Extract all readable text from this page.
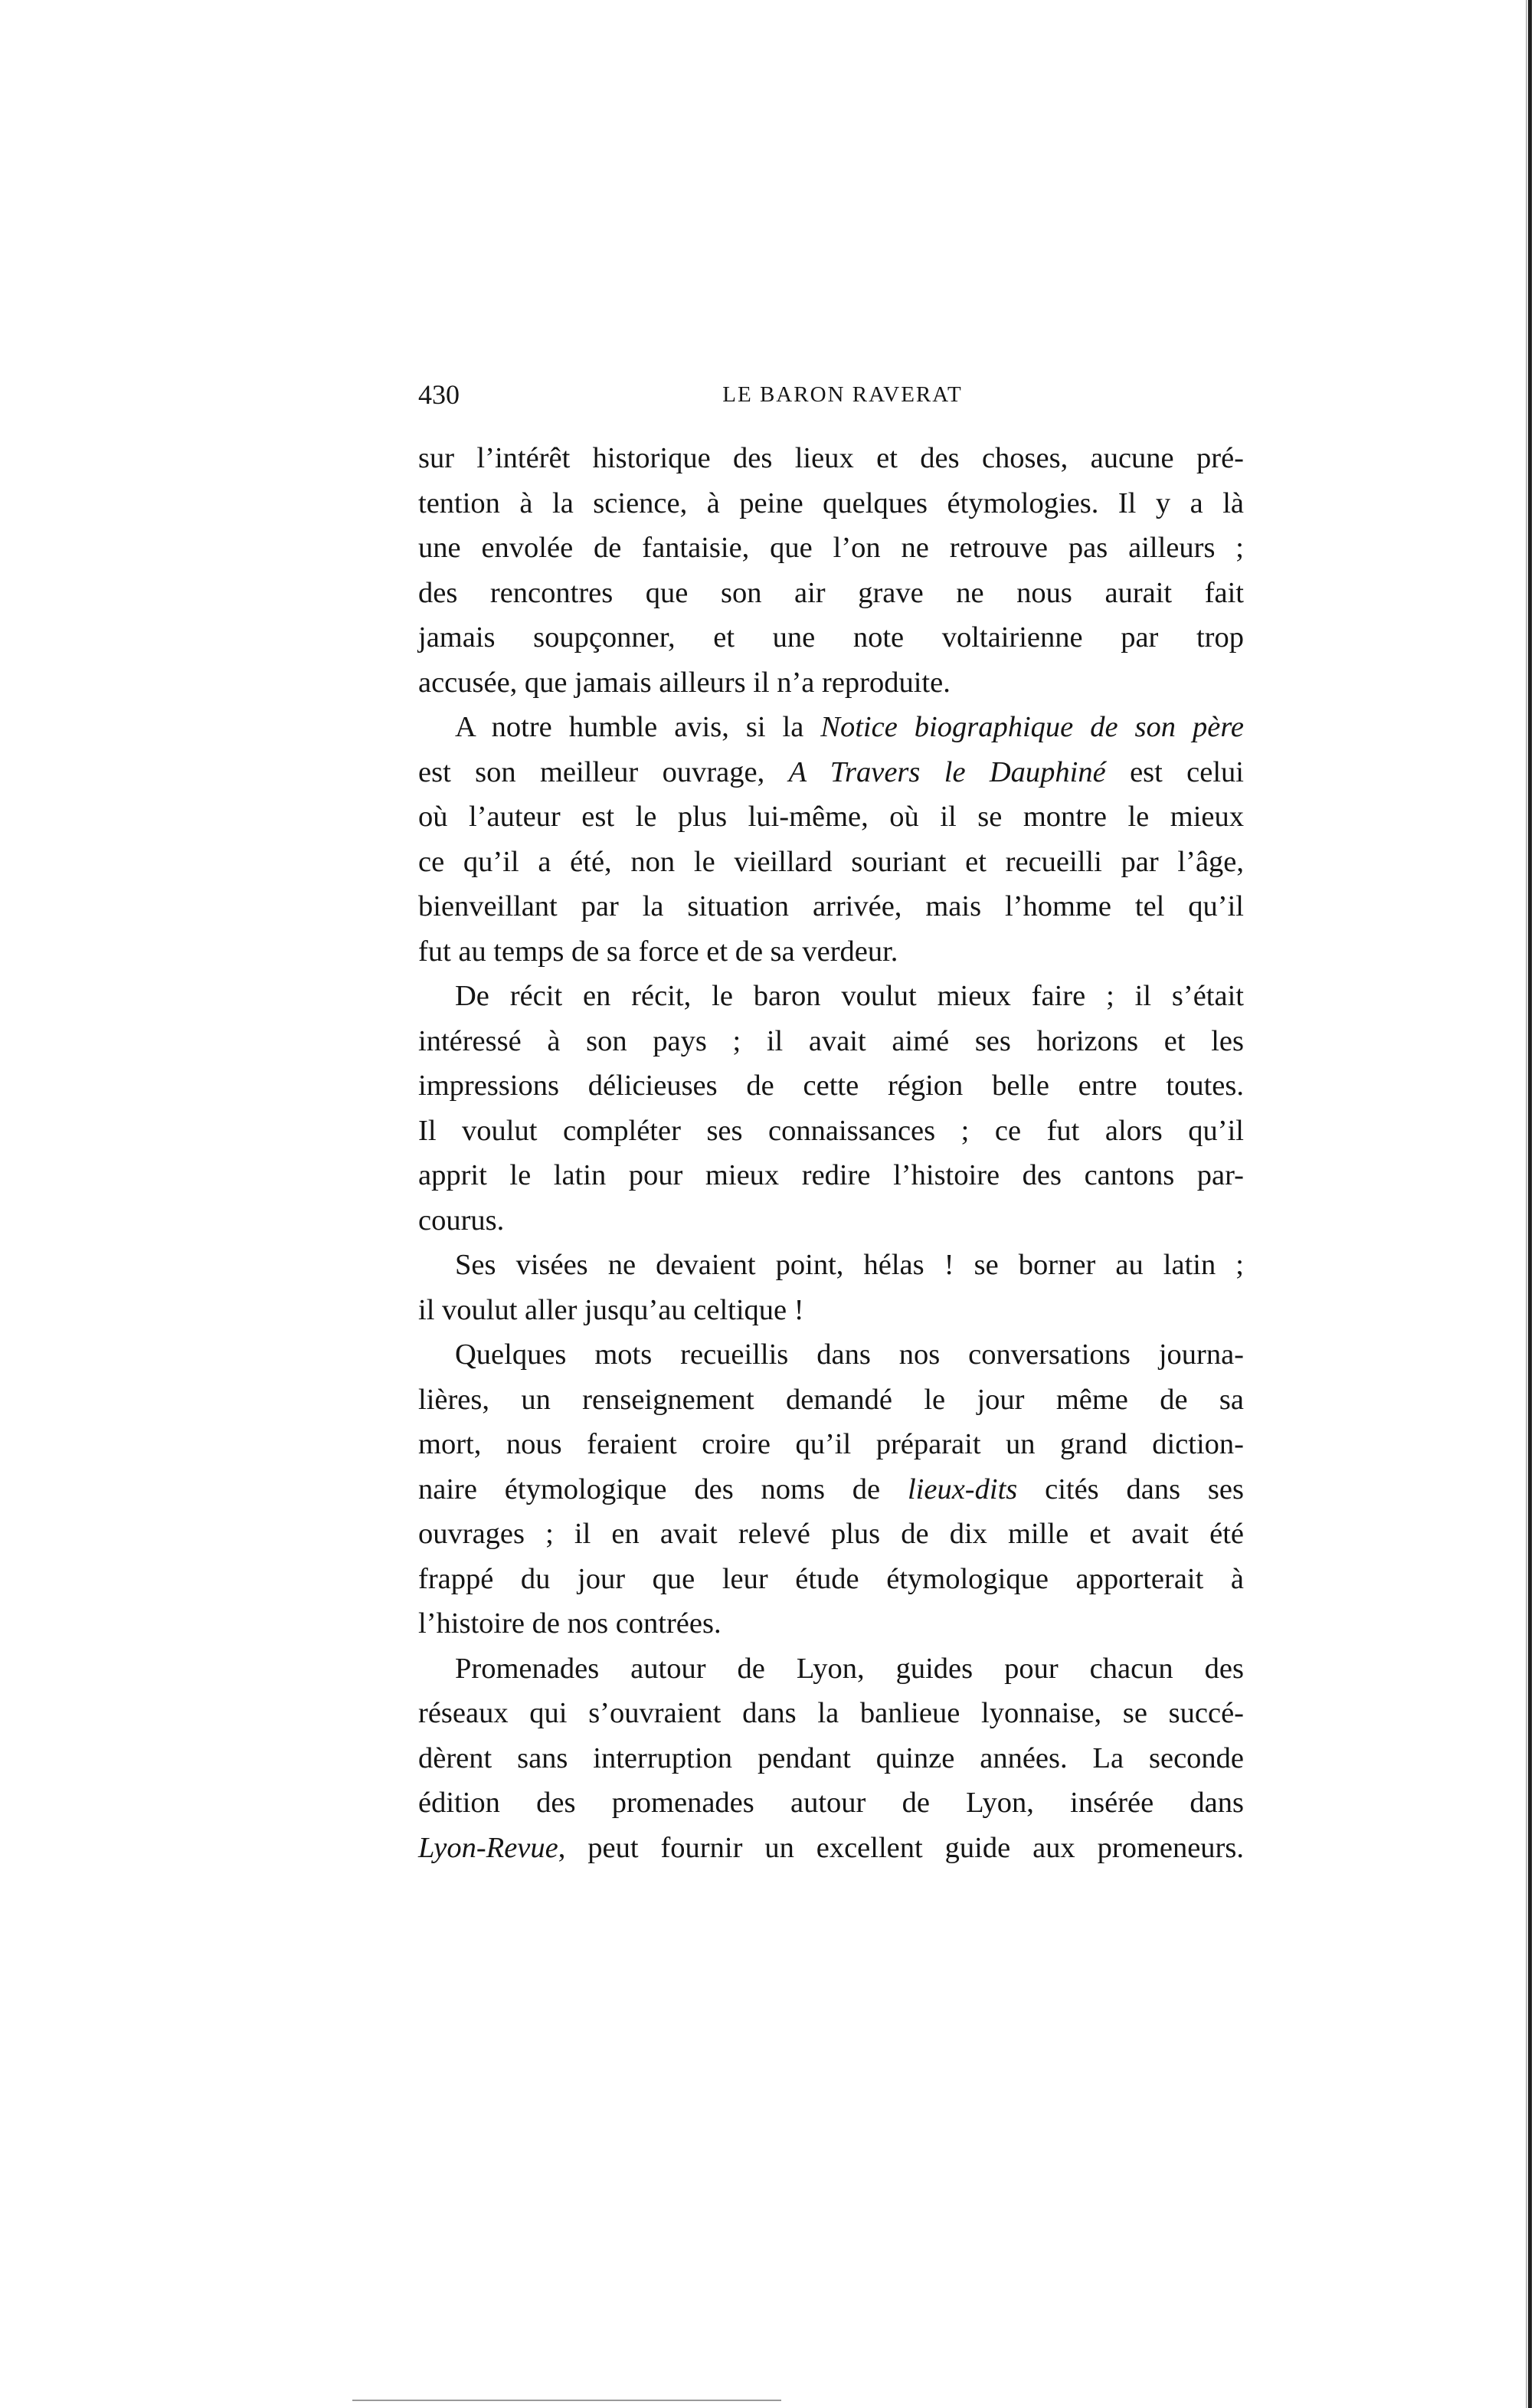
430	LE BARON RAVERAT
sur l’intérêt historique des lieux et des choses, aucune pré-
tention à la science, à peine quelques étymologies. Il y a là
une envolée de fantaisie, que l’on ne retrouve pas ailleurs ;
des rencontres que son air grave ne nous aurait fait
jamais soupçonner, et une note voltairienne par trop
accusée, que jamais ailleurs il n’a reproduite.
A notre humble avis, si la Notice biographique de son père
est son meilleur ouvrage, A Travers le Dauphiné est celui
où l’auteur est le plus lui-même, où il se montre le mieux
ce qu’il a été, non le vieillard souriant et recueilli par l’âge,
bienveillant par la situation arrivée, mais l’homme tel qu’il
fut au temps de sa force et de sa verdeur.
De récit en récit, le baron voulut mieux faire ; il s’était
intéressé à son pays ; il avait aimé ses horizons et les
impressions délicieuses de cette région belle entre toutes.
Il voulut compléter ses connaissances ; ce fut alors qu’il
apprit le latin pour mieux redire l’histoire des cantons par-
courus.
Ses visées ne devaient point, hélas ! se borner au latin ;
il voulut aller jusqu’au celtique !
Quelques mots recueillis dans nos conversations journa-
lières, un renseignement demandé le jour même de sa
mort, nous feraient croire qu’il préparait un grand diction-
naire étymologique des noms de lieux-dits cités dans ses
ouvrages ; il en avait relevé plus de dix mille et avait été
frappé du jour que leur étude étymologique apporterait à
l’histoire de nos contrées.
Promenades autour de Lyon, guides pour chacun des
réseaux qui s’ouvraient dans la banlieue lyonnaise, se succé-
dèrent sans interruption pendant quinze années. La seconde
édition des promenades autour de Lyon, insérée dans
Lyon-Revue, peut fournir un excellent guide aux promeneurs.
